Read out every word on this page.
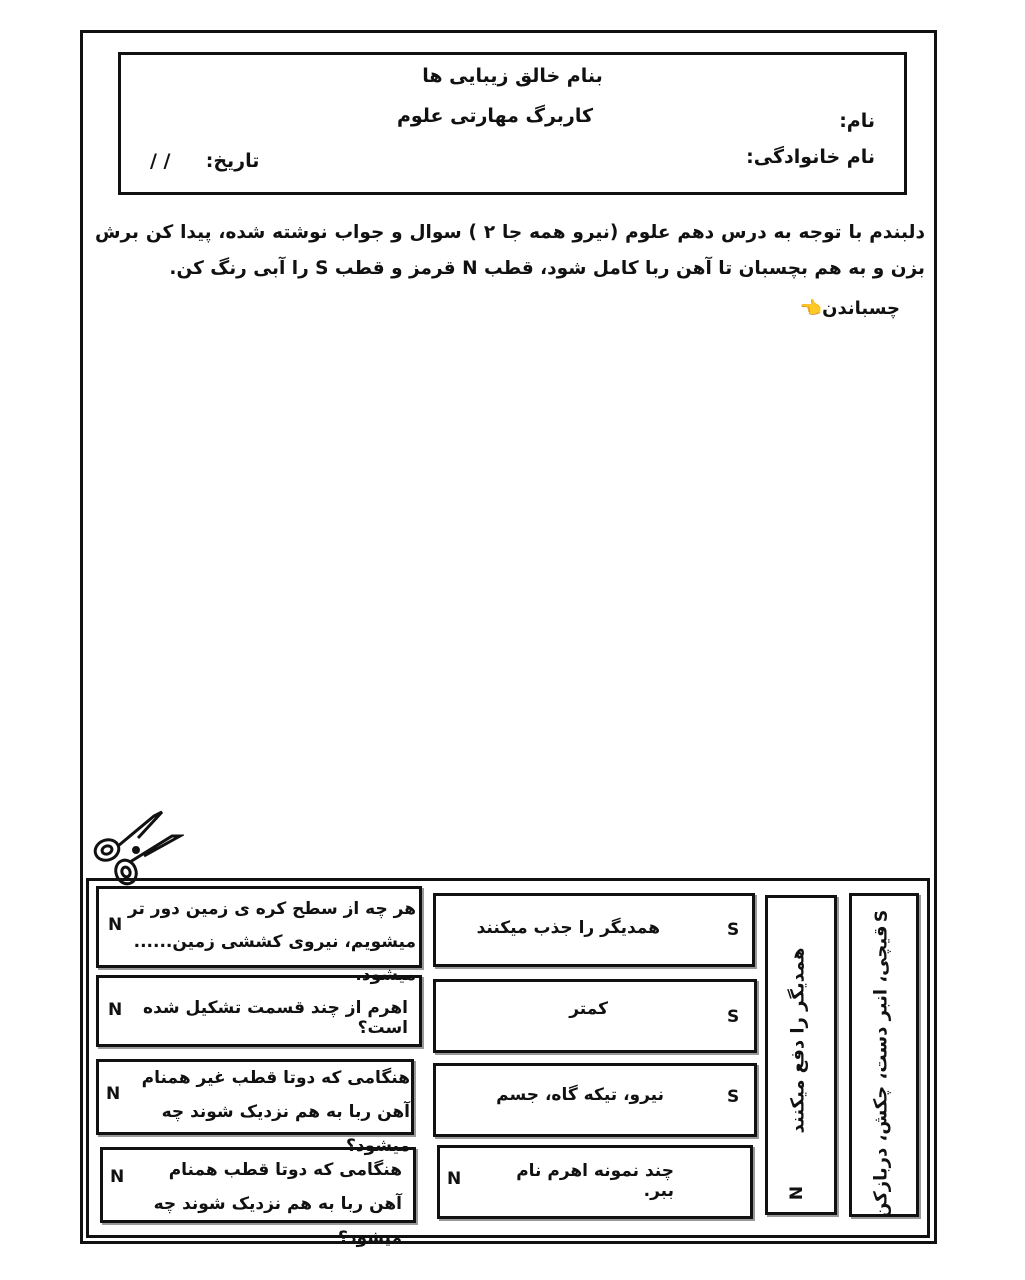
بنام خالق زیبایی ها
کاربرگ مهارتی علوم	نام:
نام خانوادگی:
/ / تاریخ:
دلبندم با توجه به درس دهم علوم (نیرو همه جا ۲ ) سوال و جواب نوشته شده، پیدا کن برش بزن و به هم بچسبان تا آهن ربا کامل شود، قطب N قرمز و قطب S را آبی رنگ کن.
چسباندن👈
هر چه از سطح کره ی زمین دور تر میشویم، نیروی کششی زمین...... میشود.
N
اهرم از چند قسمت تشکیل شده است؟
N
هنگامی که دوتا قطب غیر همنام آهن ربا به هم نزدیک شوند چه میشود؟
N
هنگامی که دوتا قطب همنام آهن ربا به هم نزدیک شوند چه میشود؟
N
همدیگر را جذب میکنند	S
کمتر	S
نیرو، تیکه گاه، جسم	S
چند نمونه اهرم نام ببر.
N
همدیگر را دفع میکنند
N	قیچی، انبر دست، چکش، دربازکن
S
